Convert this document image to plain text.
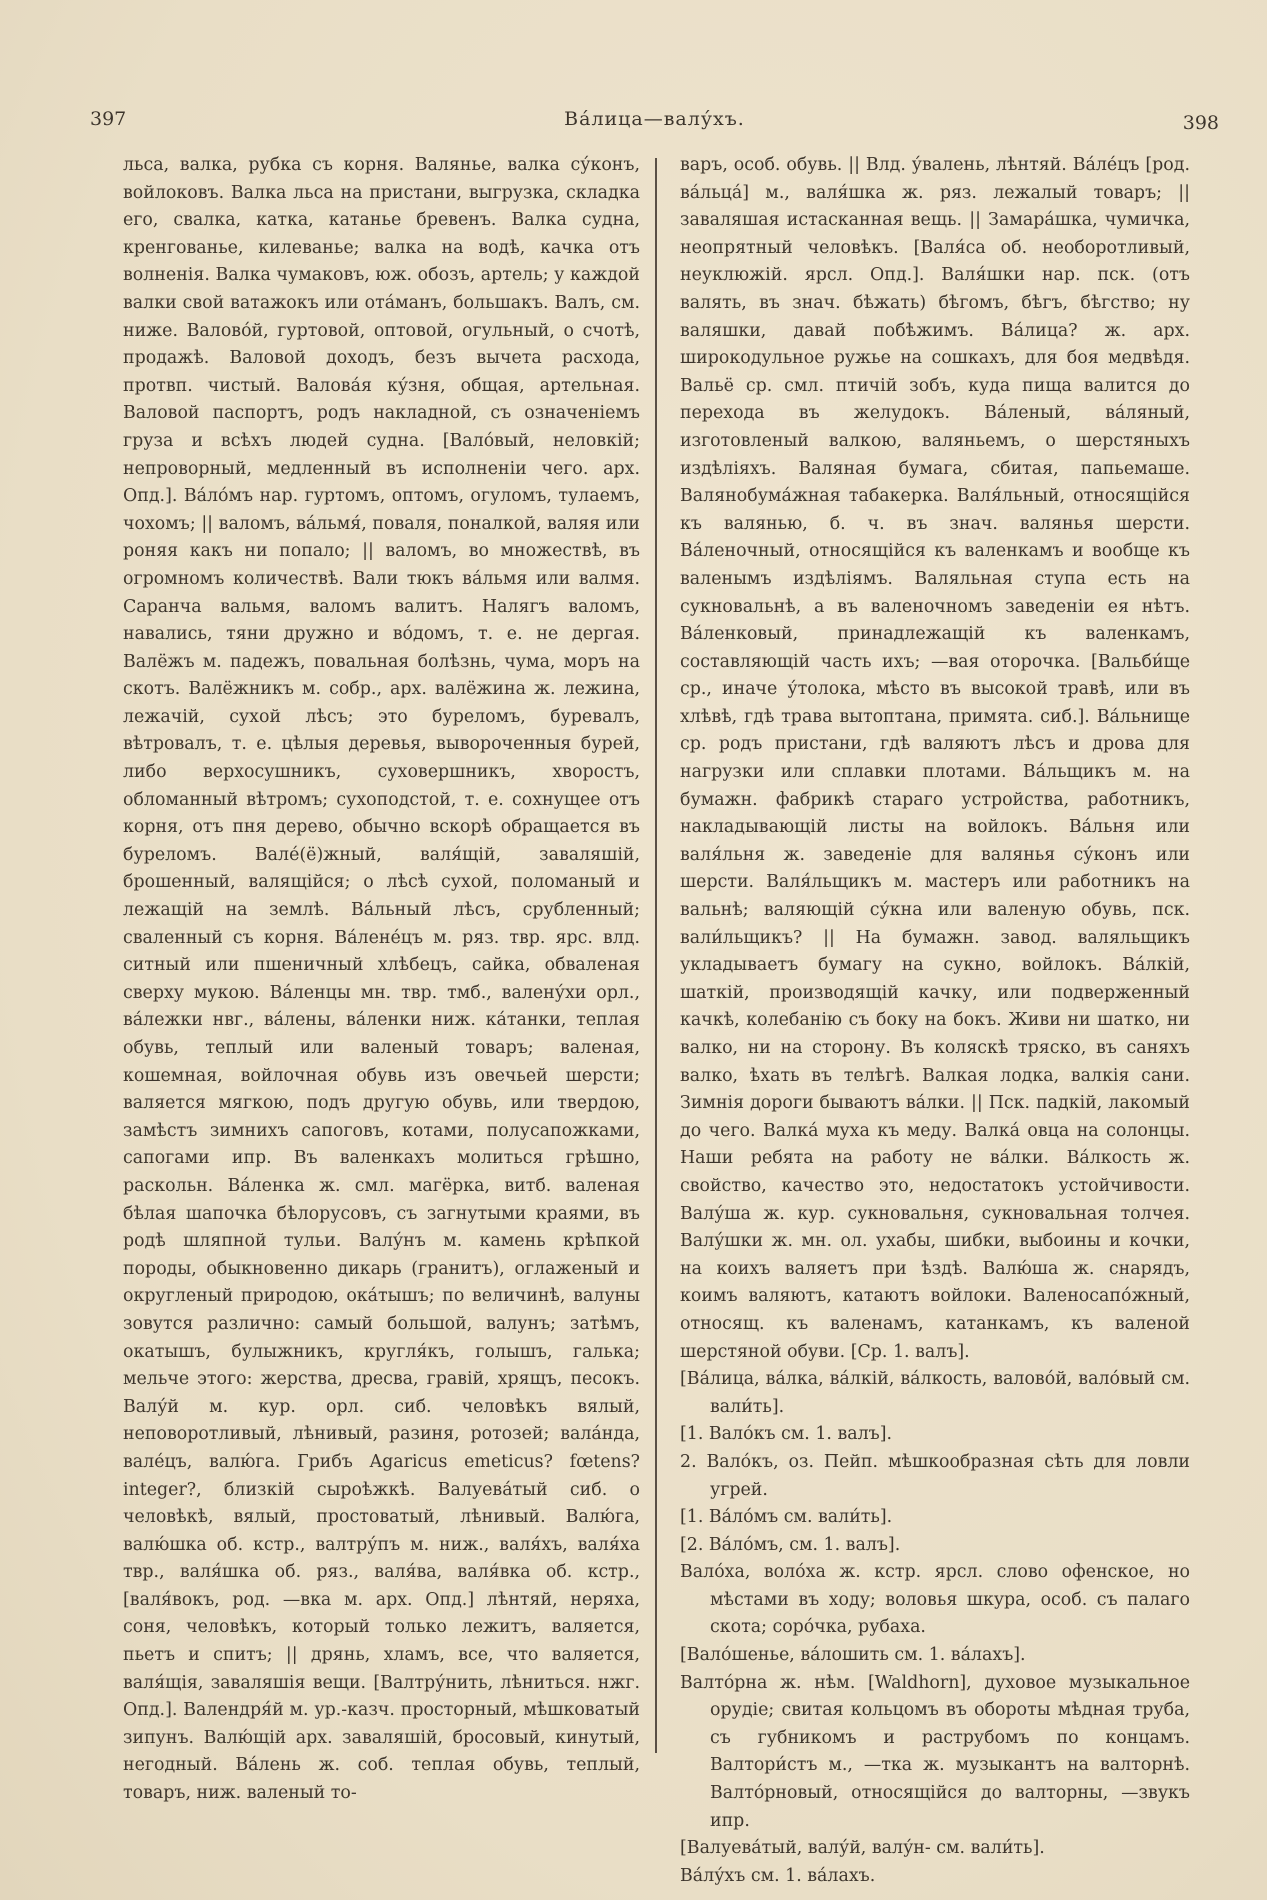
397	Ва́лица—валу́хъ.	398

льса, валка, рубка съ корня. Валянье, валка су́конъ, войлоковъ. Валка льса на пристани, выгрузка, складка его, свалка, катка, катанье бревенъ. Валка судна, кренгованье, килеванье; валка на водѣ, качка отъ волненія. Валка чумаковъ, юж. обозъ, артель; у каждой валки свой ватажокъ или ота́манъ, большакъ. Валъ, см. ниже. Валово́й, гуртовой, оптовой, огульный, о счотѣ, продажѣ. Валовой доходъ, безъ вычета расхода, протвп. чистый. Валова́я ку́зня, общая, артельная. Валовой паспортъ, родъ накладной, съ означеніемъ груза и всѣхъ людей судна. [Вало́вый, неловкій; непроворный, медленный въ исполненіи чего. арх. Опд.]. Ва́ло́мъ нар. гуртомъ, оптомъ, огуломъ, тулаемъ, чохомъ; || валомъ, ва́льмя́, поваля, поналкой, валяя или роняя какъ ни попало; || валомъ, во множествѣ, въ огромномъ количествѣ. Вали тюкъ ва́льмя или валмя. Саранча вальмя, валомъ валитъ. Налягъ валомъ, навались, тяни дружно и во́домъ, т. е. не дергая. Валёжъ м. падежъ, повальная болѣзнь, чума, моръ на скотъ. Валёжникъ м. собр., арх. валёжина ж. лежина, лежачій, сухой лѣсъ; это буреломъ, буревалъ, вѣтровалъ, т. е. цѣлыя деревья, вывороченныя бурей, либо верхосушникъ, суховершникъ, хворостъ, обломанный вѣтромъ; сухоподстой, т. е. сохнущее отъ корня, отъ пня дерево, обычно вскорѣ обращается въ буреломъ. Вале́(ё)жный, валя́щій, заваляшій, брошенный, валящійся; о лѣсѣ сухой, поломаный и лежащій на землѣ. Ва́льный лѣсъ, срубленный; сваленный съ корня. Ва́лене́цъ м. ряз. твр. ярс. влд. ситный или пшеничный хлѣбецъ, сайка, обваленая сверху мукою. Ва́ленцы мн. твр. тмб., валену́хи орл., ва́лежки нвг., ва́лены, ва́ленки ниж. ка́танки, теплая обувь, теплый или валеный товаръ; валеная, кошемная, войлочная обувь изъ овечьей шерсти; валяется мягкою, подъ другую обувь, или твердою, замѣстъ зимнихъ сапоговъ, котами, полусапожками, сапогами ипр. Въ валенкахъ молиться грѣшно, раскольн. Ва́ленка ж. смл. магёрка, витб. валеная бѣлая шапочка бѣлорусовъ, съ загнутыми краями, въ родѣ шляпной тульи. Валу́нъ м. камень крѣпкой породы, обыкновенно дикарь (гранитъ), оглаженый и округленый природою, ока́тышъ; по величинѣ, валуны зовутся различно: самый большой, валунъ; затѣмъ, окатышъ, булыжникъ, кругля́къ, голышъ, галька; мельче этого: жерства, дресва, гравій, хрящъ, песокъ. Валу́й м. кур. орл. сиб. человѣкъ вялый, неповоротливый, лѣнивый, разиня, ротозей; вала́нда, вале́цъ, валю́га. Грибъ Agaricus emeticus? fœtens? integer?, близкій сыроѣжкѣ. Валуева́тый сиб. о человѣкѣ, вялый, простоватый, лѣнивый. Валю́га, валю́шка об. кстр., валтру́пъ м. ниж., валя́хъ, валя́ха твр., валя́шка об. ряз., валя́ва, валя́вка об. кстр., [валя́вокъ, род. —вка м. арх. Опд.] лѣнтяй, неряха, соня, человѣкъ, который только лежитъ, валяется, пьетъ и спитъ; || дрянь, хламъ, все, что валяется, валя́щія, заваляшія вещи. [Валтру́нить, лѣниться. нжг. Опд.]. Валендря́й м. ур.-казч. просторный, мѣшковатый зипунъ. Валю́щій арх. заваляшій, бросовый, кинутый, негодный. Ва́лень ж. соб. теплая обувь, теплый, товаръ, ниж. валеный то-

варъ, особ. обувь. || Влд. у́валень, лѣнтяй. Ва́ле́цъ [род. ва́льца́] м., валя́шка ж. ряз. лежалый товаръ; || заваляшая истасканная вещь. || Замара́шка, чумичка, неопрятный человѣкъ. [Валя́са об. необоротливый, неуклюжій. ярсл. Опд.]. Валя́шки нар. пск. (отъ валять, въ знач. бѣжать) бѣгомъ, бѣгъ, бѣгство; ну валяшки, давай побѣжимъ. Ва́лица? ж. арх. широкодульное ружье на сошкахъ, для боя медвѣдя. Вальё ср. смл. птичій зобъ, куда пища валится до перехода въ желудокъ. Ва́леный, ва́ляный, изготовленый валкою, валяньемъ, о шерстяныхъ издѣліяхъ. Валяная бумага, сбитая, папьемаше. Валянобума́жная табакерка. Валя́льный, относящійся къ валянью, б. ч. въ знач. валянья шерсти. Ва́леночный, относящійся къ валенкамъ и вообще къ валенымъ издѣліямъ. Валяльная ступа есть на сукновальнѣ, а въ валеночномъ заведеніи ея нѣтъ. Ва́ленковый, принадлежащій къ валенкамъ, составляющій часть ихъ; —вая оторочка. [Вальби́ще ср., иначе у́толока, мѣсто въ высокой травѣ, или въ хлѣвѣ, гдѣ трава вытоптана, примята. сиб.]. Ва́льнище ср. родъ пристани, гдѣ валяютъ лѣсъ и дрова для нагрузки или сплавки плотами. Ва́льщикъ м. на бумажн. фабрикѣ стараго устройства, работникъ, накладывающій листы на войлокъ. Ва́льня или валя́льня ж. заведеніе для валянья су́конъ или шерсти. Валя́льщикъ м. мастеръ или работникъ на вальнѣ; валяющій су́кна или валеную обувь, пск. вали́льщикъ? || На бумажн. завод. валяльщикъ укладываетъ бумагу на сукно, войлокъ. Ва́лкій, шаткій, производящій качку, или подверженный качкѣ, колебанію съ боку на бокъ. Живи ни шатко, ни валко, ни на сторону. Въ коляскѣ тряско, въ саняхъ валко, ѣхать въ телѣгѣ. Валкая лодка, валкія сани. Зимнія дороги бываютъ ва́лки. || Пск. падкій, лакомый до чего. Валка́ муха къ меду. Валка́ овца на солонцы. Наши ребята на работу не ва́лки. Ва́лкость ж. свойство, качество это, недостатокъ устойчивости. Валу́ша ж. кур. сукновальня, сукновальная толчея. Валу́шки ж. мн. ол. ухабы, шибки, выбоины и кочки, на коихъ валяетъ при ѣздѣ. Валю́ша ж. снарядъ, коимъ валяютъ, катаютъ войлоки. Валеносапо́жный, относящ. къ валенамъ, катанкамъ, къ валеной шерстяной обуви. [Ср. 1. валъ].

[Ва́лица, ва́лка, ва́лкій, ва́лкость, валово́й, вало́вый см. вали́ть].

[1. Вало́къ см. 1. валъ].

2. Вало́къ, оз. Пейп. мѣшкообразная сѣть для ловли угрей.

[1. Ва́ло́мъ см. вали́ть].

[2. Ва́ло́мъ, см. 1. валъ].

Вало́ха, воло́ха ж. кстр. ярсл. слово офенское, но мѣстами въ ходу; воловья шкура, особ. съ палаго скота; соро́чка, рубаха.

[Вало́шенье, ва́лошить см. 1. ва́лахъ].

Валто́рна ж. нѣм. [Waldhorn], духовое музыкальное орудіе; свитая кольцомъ въ обороты мѣдная труба, съ губникомъ и раструбомъ по концамъ. Валтори́стъ м., —тка ж. музыкантъ на валторнѣ. Валто́рновый, относящійся до валторны, —звукъ ипр.

[Валуева́тый, валу́й, валу́н- см. вали́ть].

Ва́лу́хъ см. 1. ва́лахъ.
